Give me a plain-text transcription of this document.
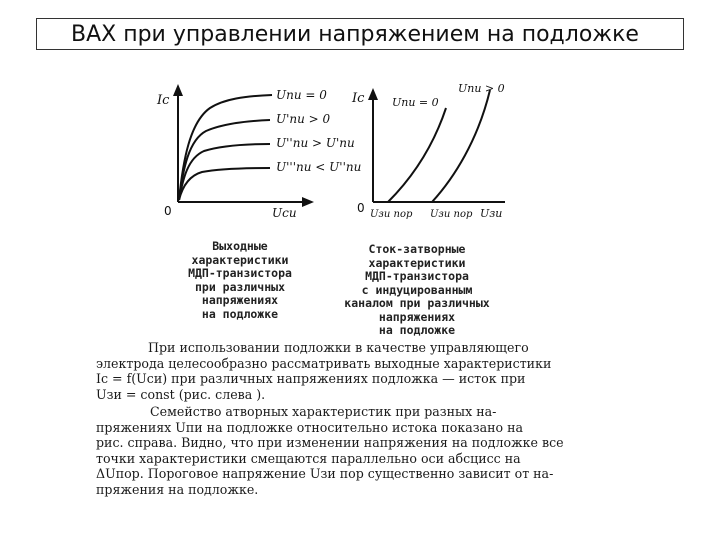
ВАХ при управлении напряжением на подложке
Iс
0	Uси
Uпи = 0
U'пи > 0
U''пи > U'пи
U'''пи < U''пи
Iс
0
Uпи = 0
Uпи > 0
Uзи пор Uзи пор Uзи
Выходные
характеристики
МДП-транзистора
при различных
напряжениях
на подложке
Сток-затворные
характеристики
МДП-транзистора
с индуцированным
каналом при различных
напряжениях
на подложке
При использовании подложки в качестве управляющего
электрода целесообразно рассматривать выходные характеристики
Iс = f(Uси) при различных напряжениях подложка — исток при
Uзи = const (рис. слева ).
Семейство атворных характеристик при разных на-
пряжениях Uпи на подложке относительно истока показано на
рис. справа. Видно, что при изменении напряжения на подложке все
точки характеристики смещаются параллельно оси абсцисс на
ΔUпор. Пороговое напряжение Uзи пор существенно зависит от на-
пряжения на подложке.
